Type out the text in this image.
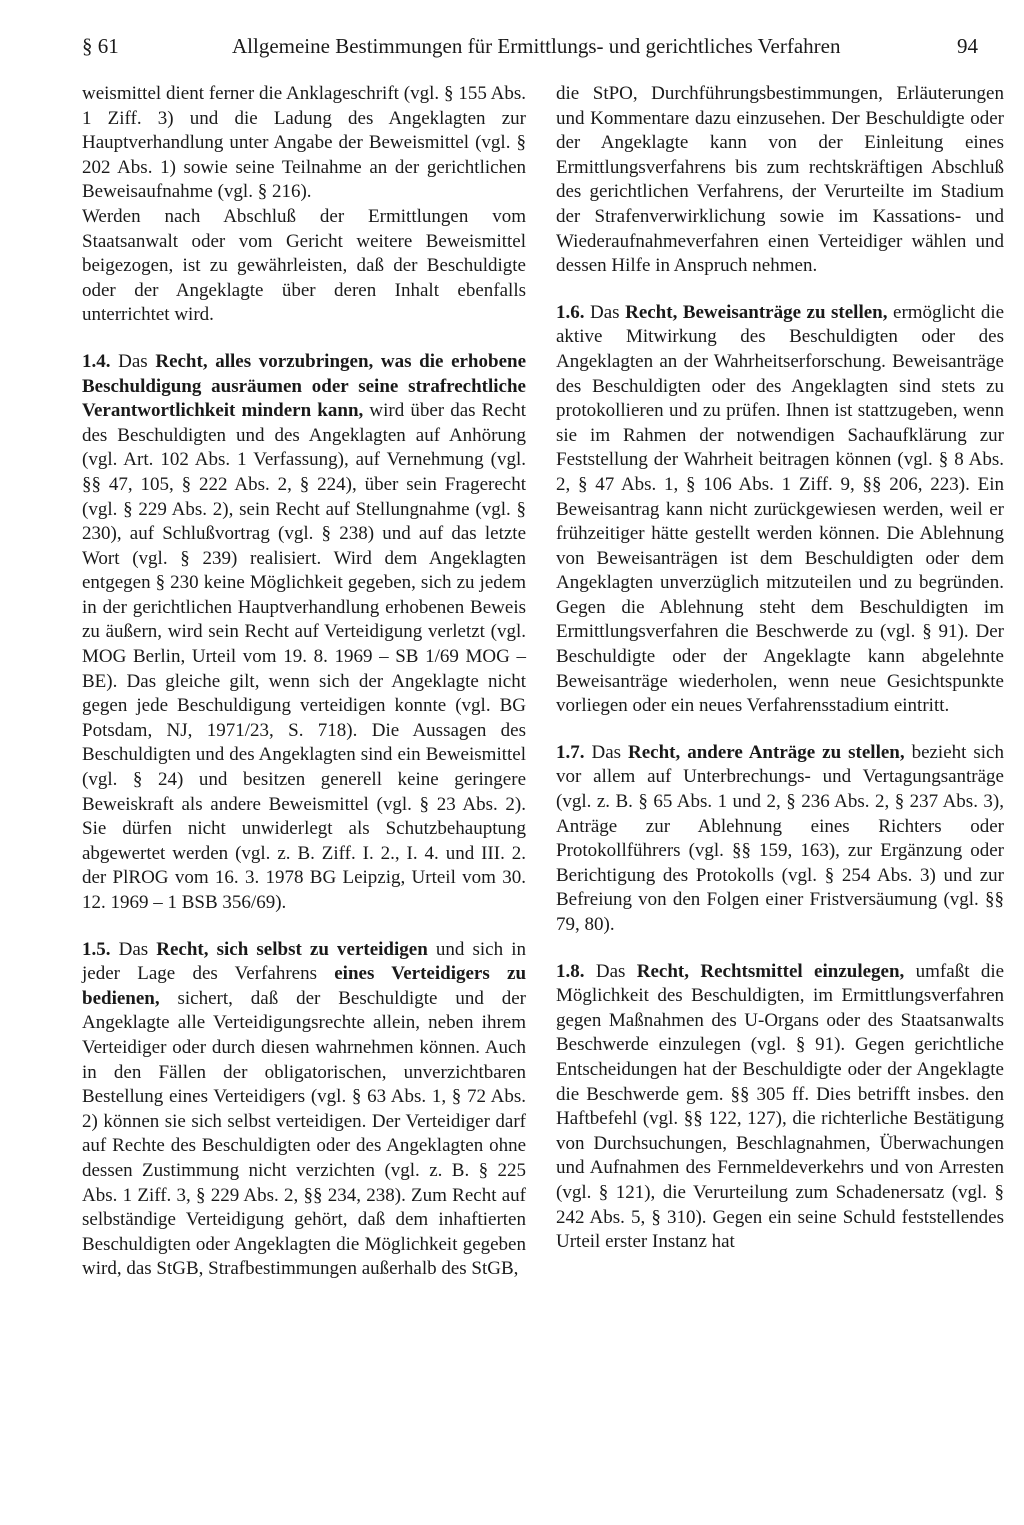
§ 61	Allgemeine Bestimmungen für Ermittlungs- und gerichtliches Verfahren	94

weismittel dient ferner die Anklageschrift (vgl. § 155 Abs. 1 Ziff. 3) und die Ladung des Angeklagten zur Hauptverhandlung unter Angabe der Beweismittel (vgl. § 202 Abs. 1) sowie seine Teilnahme an der gerichtlichen Beweisaufnahme (vgl. § 216).

Werden nach Abschluß der Ermittlungen vom Staatsanwalt oder vom Gericht weitere Beweismittel beigezogen, ist zu gewährleisten, daß der Beschuldigte oder der Angeklagte über deren Inhalt ebenfalls unterrichtet wird.

1.4. Das Recht, alles vorzubringen, was die erhobene Beschuldigung ausräumen oder seine strafrechtliche Verantwortlichkeit mindern kann, wird über das Recht des Beschuldigten und des Angeklagten auf Anhörung (vgl. Art. 102 Abs. 1 Verfassung), auf Vernehmung (vgl. §§ 47, 105, § 222 Abs. 2, § 224), über sein Fragerecht (vgl. § 229 Abs. 2), sein Recht auf Stellungnahme (vgl. § 230), auf Schlußvortrag (vgl. § 238) und auf das letzte Wort (vgl. § 239) realisiert. Wird dem Angeklagten entgegen § 230 keine Möglichkeit gegeben, sich zu jedem in der gerichtlichen Hauptverhandlung erhobenen Beweis zu äußern, wird sein Recht auf Verteidigung verletzt (vgl. MOG Berlin, Urteil vom 19. 8. 1969 – SB 1/69 MOG – BE). Das gleiche gilt, wenn sich der Angeklagte nicht gegen jede Beschuldigung verteidigen konnte (vgl. BG Potsdam, NJ, 1971/23, S. 718). Die Aussagen des Beschuldigten und des Angeklagten sind ein Beweismittel (vgl. § 24) und besitzen generell keine geringere Beweiskraft als andere Beweismittel (vgl. § 23 Abs. 2). Sie dürfen nicht unwiderlegt als Schutzbehauptung abgewertet werden (vgl. z. B. Ziff. I. 2., I. 4. und III. 2. der PlROG vom 16. 3. 1978 BG Leipzig, Urteil vom 30. 12. 1969 – 1 BSB 356/69).

1.5. Das Recht, sich selbst zu verteidigen und sich in jeder Lage des Verfahrens eines Verteidigers zu bedienen, sichert, daß der Beschuldigte und der Angeklagte alle Verteidigungsrechte allein, neben ihrem Verteidiger oder durch diesen wahrnehmen können. Auch in den Fällen der obligatorischen, unverzichtbaren Bestellung eines Verteidigers (vgl. § 63 Abs. 1, § 72 Abs. 2) können sie sich selbst verteidigen. Der Verteidiger darf auf Rechte des Beschuldigten oder des Angeklagten ohne dessen Zustimmung nicht verzichten (vgl. z. B. § 225 Abs. 1 Ziff. 3, § 229 Abs. 2, §§ 234, 238). Zum Recht auf selbständige Verteidigung gehört, daß dem inhaftierten Beschuldigten oder Angeklagten die Möglichkeit gegeben wird, das StGB, Strafbestimmungen außerhalb des StGB,

die StPO, Durchführungsbestimmungen, Erläuterungen und Kommentare dazu einzusehen. Der Beschuldigte oder der Angeklagte kann von der Einleitung eines Ermittlungsverfahrens bis zum rechtskräftigen Abschluß des gerichtlichen Verfahrens, der Verurteilte im Stadium der Strafenverwirklichung sowie im Kassations- und Wiederaufnahmeverfahren einen Verteidiger wählen und dessen Hilfe in Anspruch nehmen.

1.6. Das Recht, Beweisanträge zu stellen, ermöglicht die aktive Mitwirkung des Beschuldigten oder des Angeklagten an der Wahrheitserforschung. Beweisanträge des Beschuldigten oder des Angeklagten sind stets zu protokollieren und zu prüfen. Ihnen ist stattzugeben, wenn sie im Rahmen der notwendigen Sachaufklärung zur Feststellung der Wahrheit beitragen können (vgl. § 8 Abs. 2, § 47 Abs. 1, § 106 Abs. 1 Ziff. 9, §§ 206, 223). Ein Beweisantrag kann nicht zurückgewiesen werden, weil er frühzeitiger hätte gestellt werden können. Die Ablehnung von Beweisanträgen ist dem Beschuldigten oder dem Angeklagten unverzüglich mitzuteilen und zu begründen. Gegen die Ablehnung steht dem Beschuldigten im Ermittlungsverfahren die Beschwerde zu (vgl. § 91). Der Beschuldigte oder der Angeklagte kann abgelehnte Beweisanträge wiederholen, wenn neue Gesichtspunkte vorliegen oder ein neues Verfahrensstadium eintritt.

1.7. Das Recht, andere Anträge zu stellen, bezieht sich vor allem auf Unterbrechungs- und Vertagungsanträge (vgl. z. B. § 65 Abs. 1 und 2, § 236 Abs. 2, § 237 Abs. 3), Anträge zur Ablehnung eines Richters oder Protokollführers (vgl. §§ 159, 163), zur Ergänzung oder Berichtigung des Protokolls (vgl. § 254 Abs. 3) und zur Befreiung von den Folgen einer Fristversäumung (vgl. §§ 79, 80).

1.8. Das Recht, Rechtsmittel einzulegen, umfaßt die Möglichkeit des Beschuldigten, im Ermittlungsverfahren gegen Maßnahmen des U-Organs oder des Staatsanwalts Beschwerde einzulegen (vgl. § 91). Gegen gerichtliche Entscheidungen hat der Beschuldigte oder der Angeklagte die Beschwerde gem. §§ 305 ff. Dies betrifft insbes. den Haftbefehl (vgl. §§ 122, 127), die richterliche Bestätigung von Durchsuchungen, Beschlagnahmen, Überwachungen und Aufnahmen des Fernmeldeverkehrs und von Arresten (vgl. § 121), die Verurteilung zum Schadenersatz (vgl. § 242 Abs. 5, § 310). Gegen ein seine Schuld feststellendes Urteil erster Instanz hat
